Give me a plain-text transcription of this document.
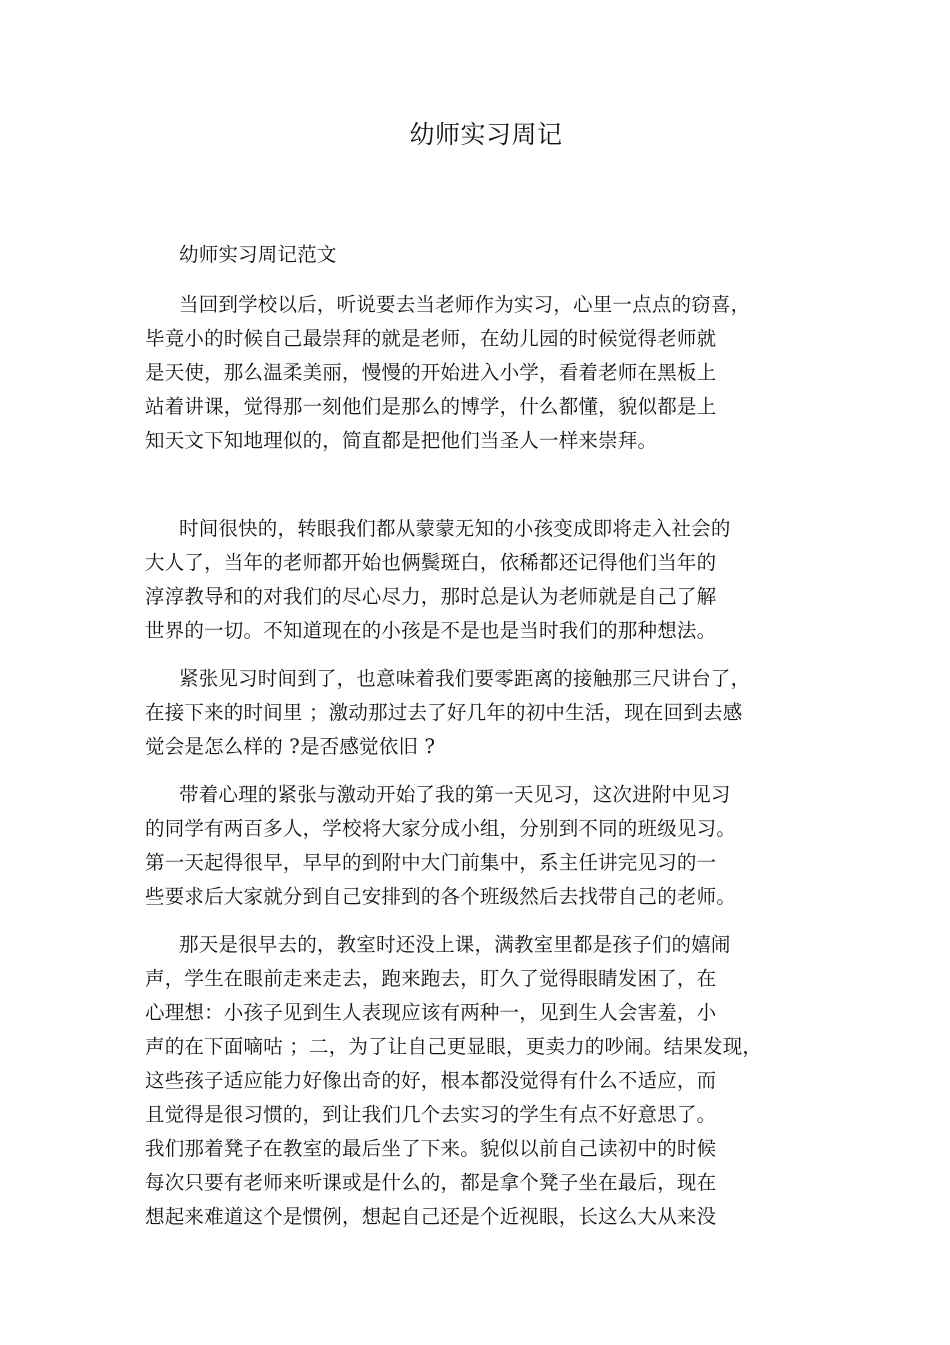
幼师实习周记
幼师实习周记范文
当回到学校以后，听说要去当老师作为实习，心里一点点的窃喜，
毕竟小的时候自己最崇拜的就是老师，在幼儿园的时候觉得老师就
是天使，那么温柔美丽，慢慢的开始进入小学，看着老师在黑板上
站着讲课，觉得那一刻他们是那么的博学，什么都懂，貌似都是上
知天文下知地理似的，简直都是把他们当圣人一样来崇拜。
时间很快的，转眼我们都从蒙蒙无知的小孩变成即将走入社会的
大人了，当年的老师都开始也俩鬓斑白，依稀都还记得他们当年的
淳淳教导和的对我们的尽心尽力，那时总是认为老师就是自己了解
世界的一切。不知道现在的小孩是不是也是当时我们的那种想法。
紧张见习时间到了，也意味着我们要零距离的接触那三尺讲台了，
在接下来的时间里 ；激动那过去了好几年的初中生活，现在回到去感
觉会是怎么样的 ?是否感觉依旧 ?
带着心理的紧张与激动开始了我的第一天见习，这次进附中见习
的同学有两百多人，学校将大家分成小组，分别到不同的班级见习。
第一天起得很早，早早的到附中大门前集中，系主任讲完见习的一
些要求后大家就分到自己安排到的各个班级然后去找带自己的老师。
那天是很早去的，教室时还没上课，满教室里都是孩子们的嬉闹
声，学生在眼前走来走去，跑来跑去，盯久了觉得眼睛发困了，在
心理想：小孩子见到生人表现应该有两种一，见到生人会害羞，小
声的在下面嘀咕 ；二，为了让自己更显眼，更卖力的吵闹。结果发现，
这些孩子适应能力好像出奇的好，根本都没觉得有什么不适应，而
且觉得是很习惯的，到让我们几个去实习的学生有点不好意思了。
我们那着凳子在教室的最后坐了下来。貌似以前自己读初中的时候
每次只要有老师来听课或是什么的，都是拿个凳子坐在最后，现在
想起来难道这个是惯例，想起自己还是个近视眼，长这么大从来没
